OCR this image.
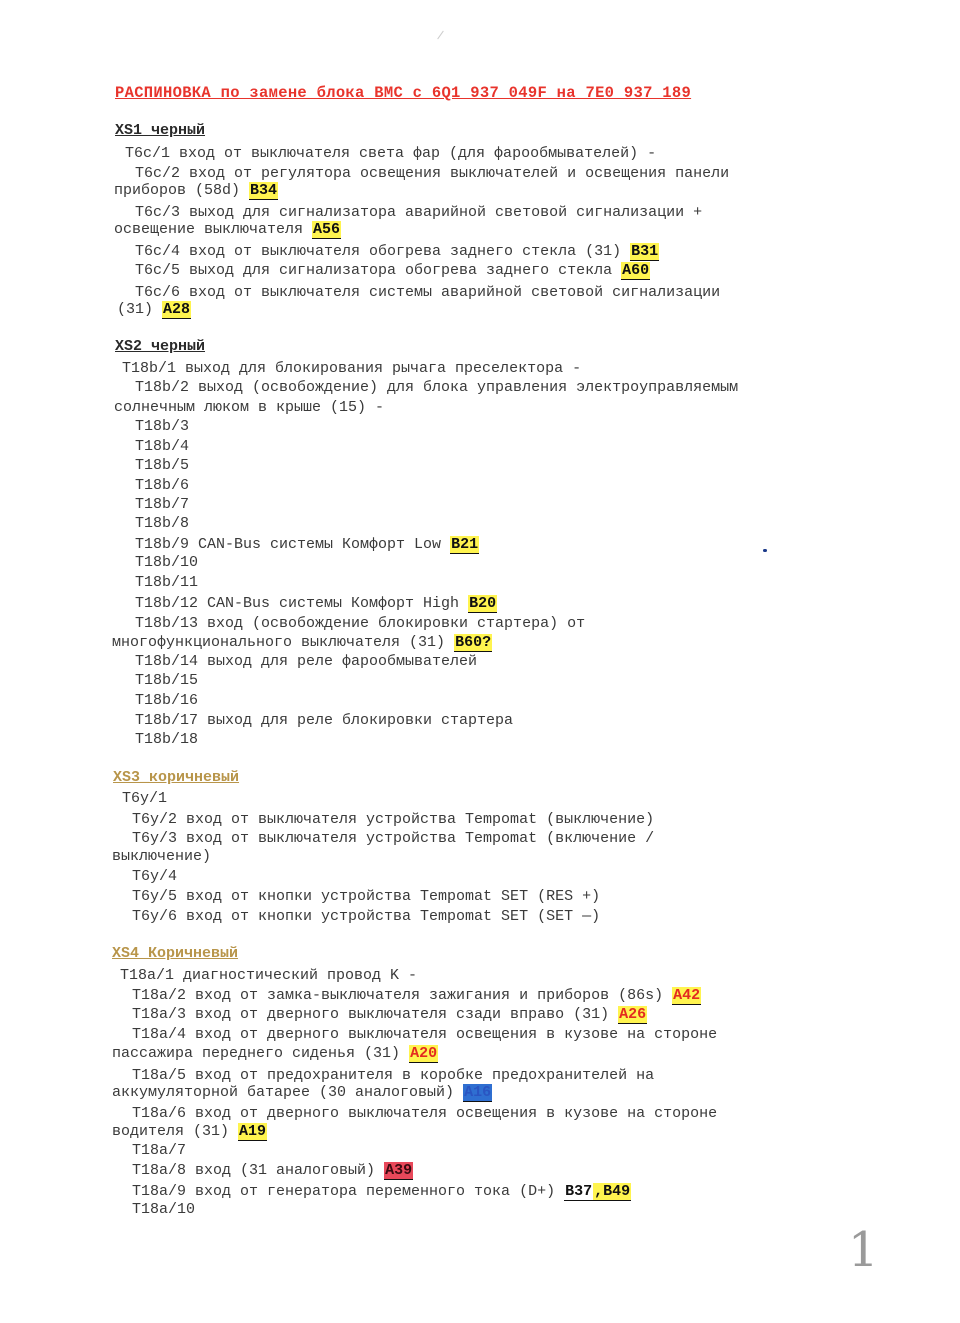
РАСПИНОВКА по замене блока BMC с 6Q1 937 049F на 7E0 937 189
XS1 черный
T6c/1 вход от выключателя света фар (для фарообмывателей) -
T6c/2 вход от регулятора освещения выключателей и освещения панели
приборов (58d) B34
T6c/3 выход для сигнализатора аварийной световой сигнализации +
освещение выключателя A56
T6c/4 вход от выключателя обогрева заднего стекла (31) B31
T6c/5 выход для сигнализатора обогрева заднего стекла A60
T6c/6 вход от выключателя системы аварийной световой сигнализации
(31) A28
XS2 черный
T18b/1 выход для блокирования рычага преселектора -
T18b/2 выход (освобождение) для блока управления электроуправляемым
солнечным люком в крыше (15) -
T18b/3
T18b/4
T18b/5
T18b/6
T18b/7
T18b/8
T18b/9 CAN-Bus системы Комфорт Low B21
T18b/10
T18b/11
T18b/12 CAN-Bus системы Комфорт High B20
T18b/13 вход (освобождение блокировки стартера) от
многофункционального выключателя (31) B60?
T18b/14 выход для реле фарообмывателей
T18b/15
T18b/16
T18b/17 выход для реле блокировки стартера
T18b/18
XS3_коричневый
T6y/1
T6y/2 вход от выключателя устройства Tempomat (выключение)
T6y/3 вход от выключателя устройства Tempomat (включение /
выключение)
T6y/4
T6y/5 вход от кнопки устройства Tempomat SET (RES +)
T6y/6 вход от кнопки устройства Tempomat SET (SET —)
XS4 Коричневый
T18a/1 диагностический провод K -
T18a/2 вход от замка-выключателя зажигания и приборов (86s) A42
T18a/3 вход от дверного выключателя сзади вправо (31) A26
T18a/4 вход от дверного выключателя освещения в кузове на стороне
пассажира переднего сиденья (31) A20
T18a/5 вход от предохранителя в коробке предохранителей на
аккумуляторной батарее (30 аналоговый) A16
T18a/6 вход от дверного выключателя освещения в кузове на стороне
водителя (31) A19
T18a/7
T18a/8 вход (31 аналоговый) A39
T18a/9 вход от генератора переменного тока (D+) B37 ,B49
T18a/10
1
